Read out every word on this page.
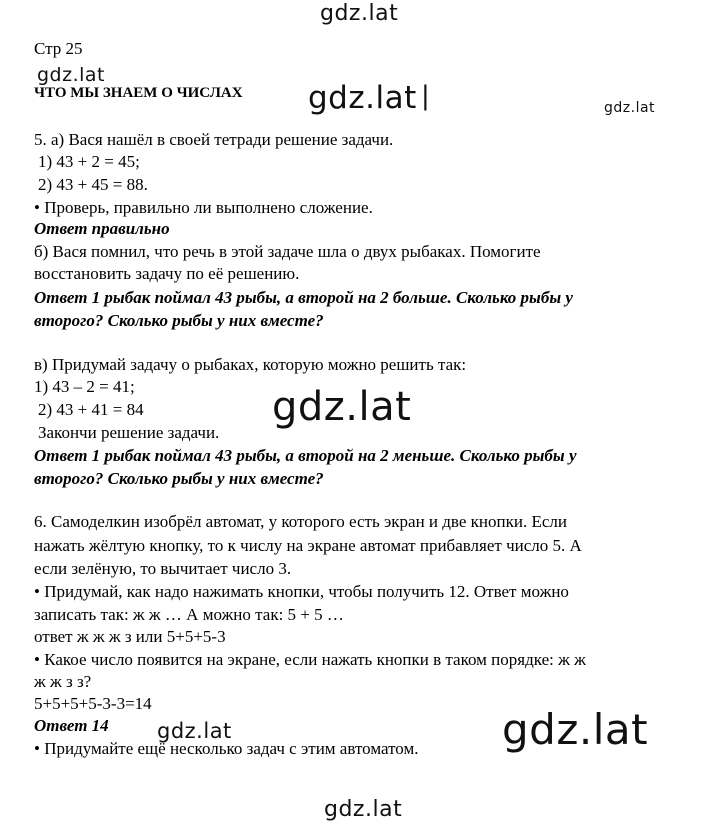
gdz.lat
gdz.lat
gdz.lat |	gdz.lat
gdz.lat
gdz.lat	gdz.lat
gdz.lat
Стр 25
ЧТО МЫ ЗНАЕМ О ЧИСЛАХ
5. а) Вася нашёл в своей тетради решение задачи.
1) 43 + 2 = 45;
2) 43 + 45 = 88.
• Проверь, правильно ли выполнено сложение.
Ответ правильно
б) Вася помнил, что речь в этой задаче шла о двух рыбаках. Помогите
восстановить задачу по её решению.
Ответ 1 рыбак поймал 43 рыбы, а второй на 2 больше. Сколько рыбы у
второго? Сколько рыбы у них вместе?
в) Придумай задачу о рыбаках, которую можно решить так:
1) 43 – 2 = 41;
2) 43 + 41 = 84
Закончи решение задачи.
Ответ 1 рыбак поймал 43 рыбы, а второй на 2 меньше. Сколько рыбы у
второго? Сколько рыбы у них вместе?
6. Самоделкин изобрёл автомат, у которого есть экран и две кнопки. Если
нажать жёлтую кнопку, то к числу на экране автомат прибавляет число 5. А
если зелёную, то вычитает число 3.
• Придумай, как надо нажимать кнопки, чтобы получить 12. Ответ можно
записать так: ж ж … А можно так: 5 + 5 …
ответ ж ж ж з или 5+5+5-3
• Какое число появится на экране, если нажать кнопки в таком порядке: ж ж
ж ж з з?
5+5+5+5-3-3=14
Ответ 14
• Придумайте ещё несколько задач с этим автоматом.
